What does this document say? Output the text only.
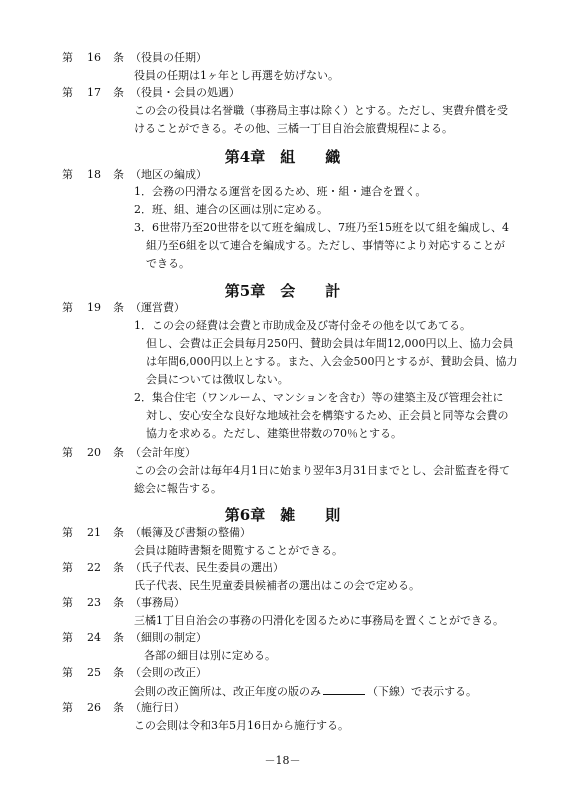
第 16 条 （役員の任期）
役員の任期は1ヶ年とし再選を妨げない。
第 17 条 （役員・会員の処遇）
この会の役員は名誉職（事務局主事は除く）とする。ただし、実費弁償を受
けることができる。その他、三橘一丁目自治会旅費規程による。
第4章　組　　織
第 18 条 （地区の編成）
1．会務の円滑なる運営を図るため、班・組・連合を置く。
2．班、組、連合の区画は別に定める。
3．6世帯乃至20世帯を以て班を編成し、7班乃至15班を以て組を編成し、4
組乃至6組を以て連合を編成する。ただし、事情等により対応することが
できる。
第5章　会　　計
第 19 条 （運営費）
1．この会の経費は会費と市助成金及び寄付金その他を以てあてる。
但し、会費は正会員毎月250円、賛助会員は年間12,000円以上、協力会員
は年間6,000円以上とする。また、入会金500円とするが、賛助会員、協力
会員については徴収しない。
2．集合住宅（ワンルーム、マンションを含む）等の建築主及び管理会社に
対し、安心安全な良好な地域社会を構築するため、正会員と同等な会費の
協力を求める。ただし、建築世帯数の70％とする。
第 20 条 （会計年度）
この会の会計は毎年4月1日に始まり翌年3月31日までとし、会計監査を得て
総会に報告する。
第6章　雑　　則
第 21 条 （帳簿及び書類の整備）
会員は随時書類を閲覧することができる。
第 22 条 （氏子代表、民生委員の選出）
氏子代表、民生児童委員候補者の選出はこの会で定める。
第 23 条 （事務局）
三橘1丁目自治会の事務の円滑化を図るために事務局を置くことができる。
第 24 条 （細則の制定）
各部の細目は別に定める。
第 25 条 （会則の改正）
会則の改正箇所は、改正年度の版のみ	（下線）で表示する。
第 26 条 （施行日）
この会則は令和3年5月16日から施行する。
－18－
